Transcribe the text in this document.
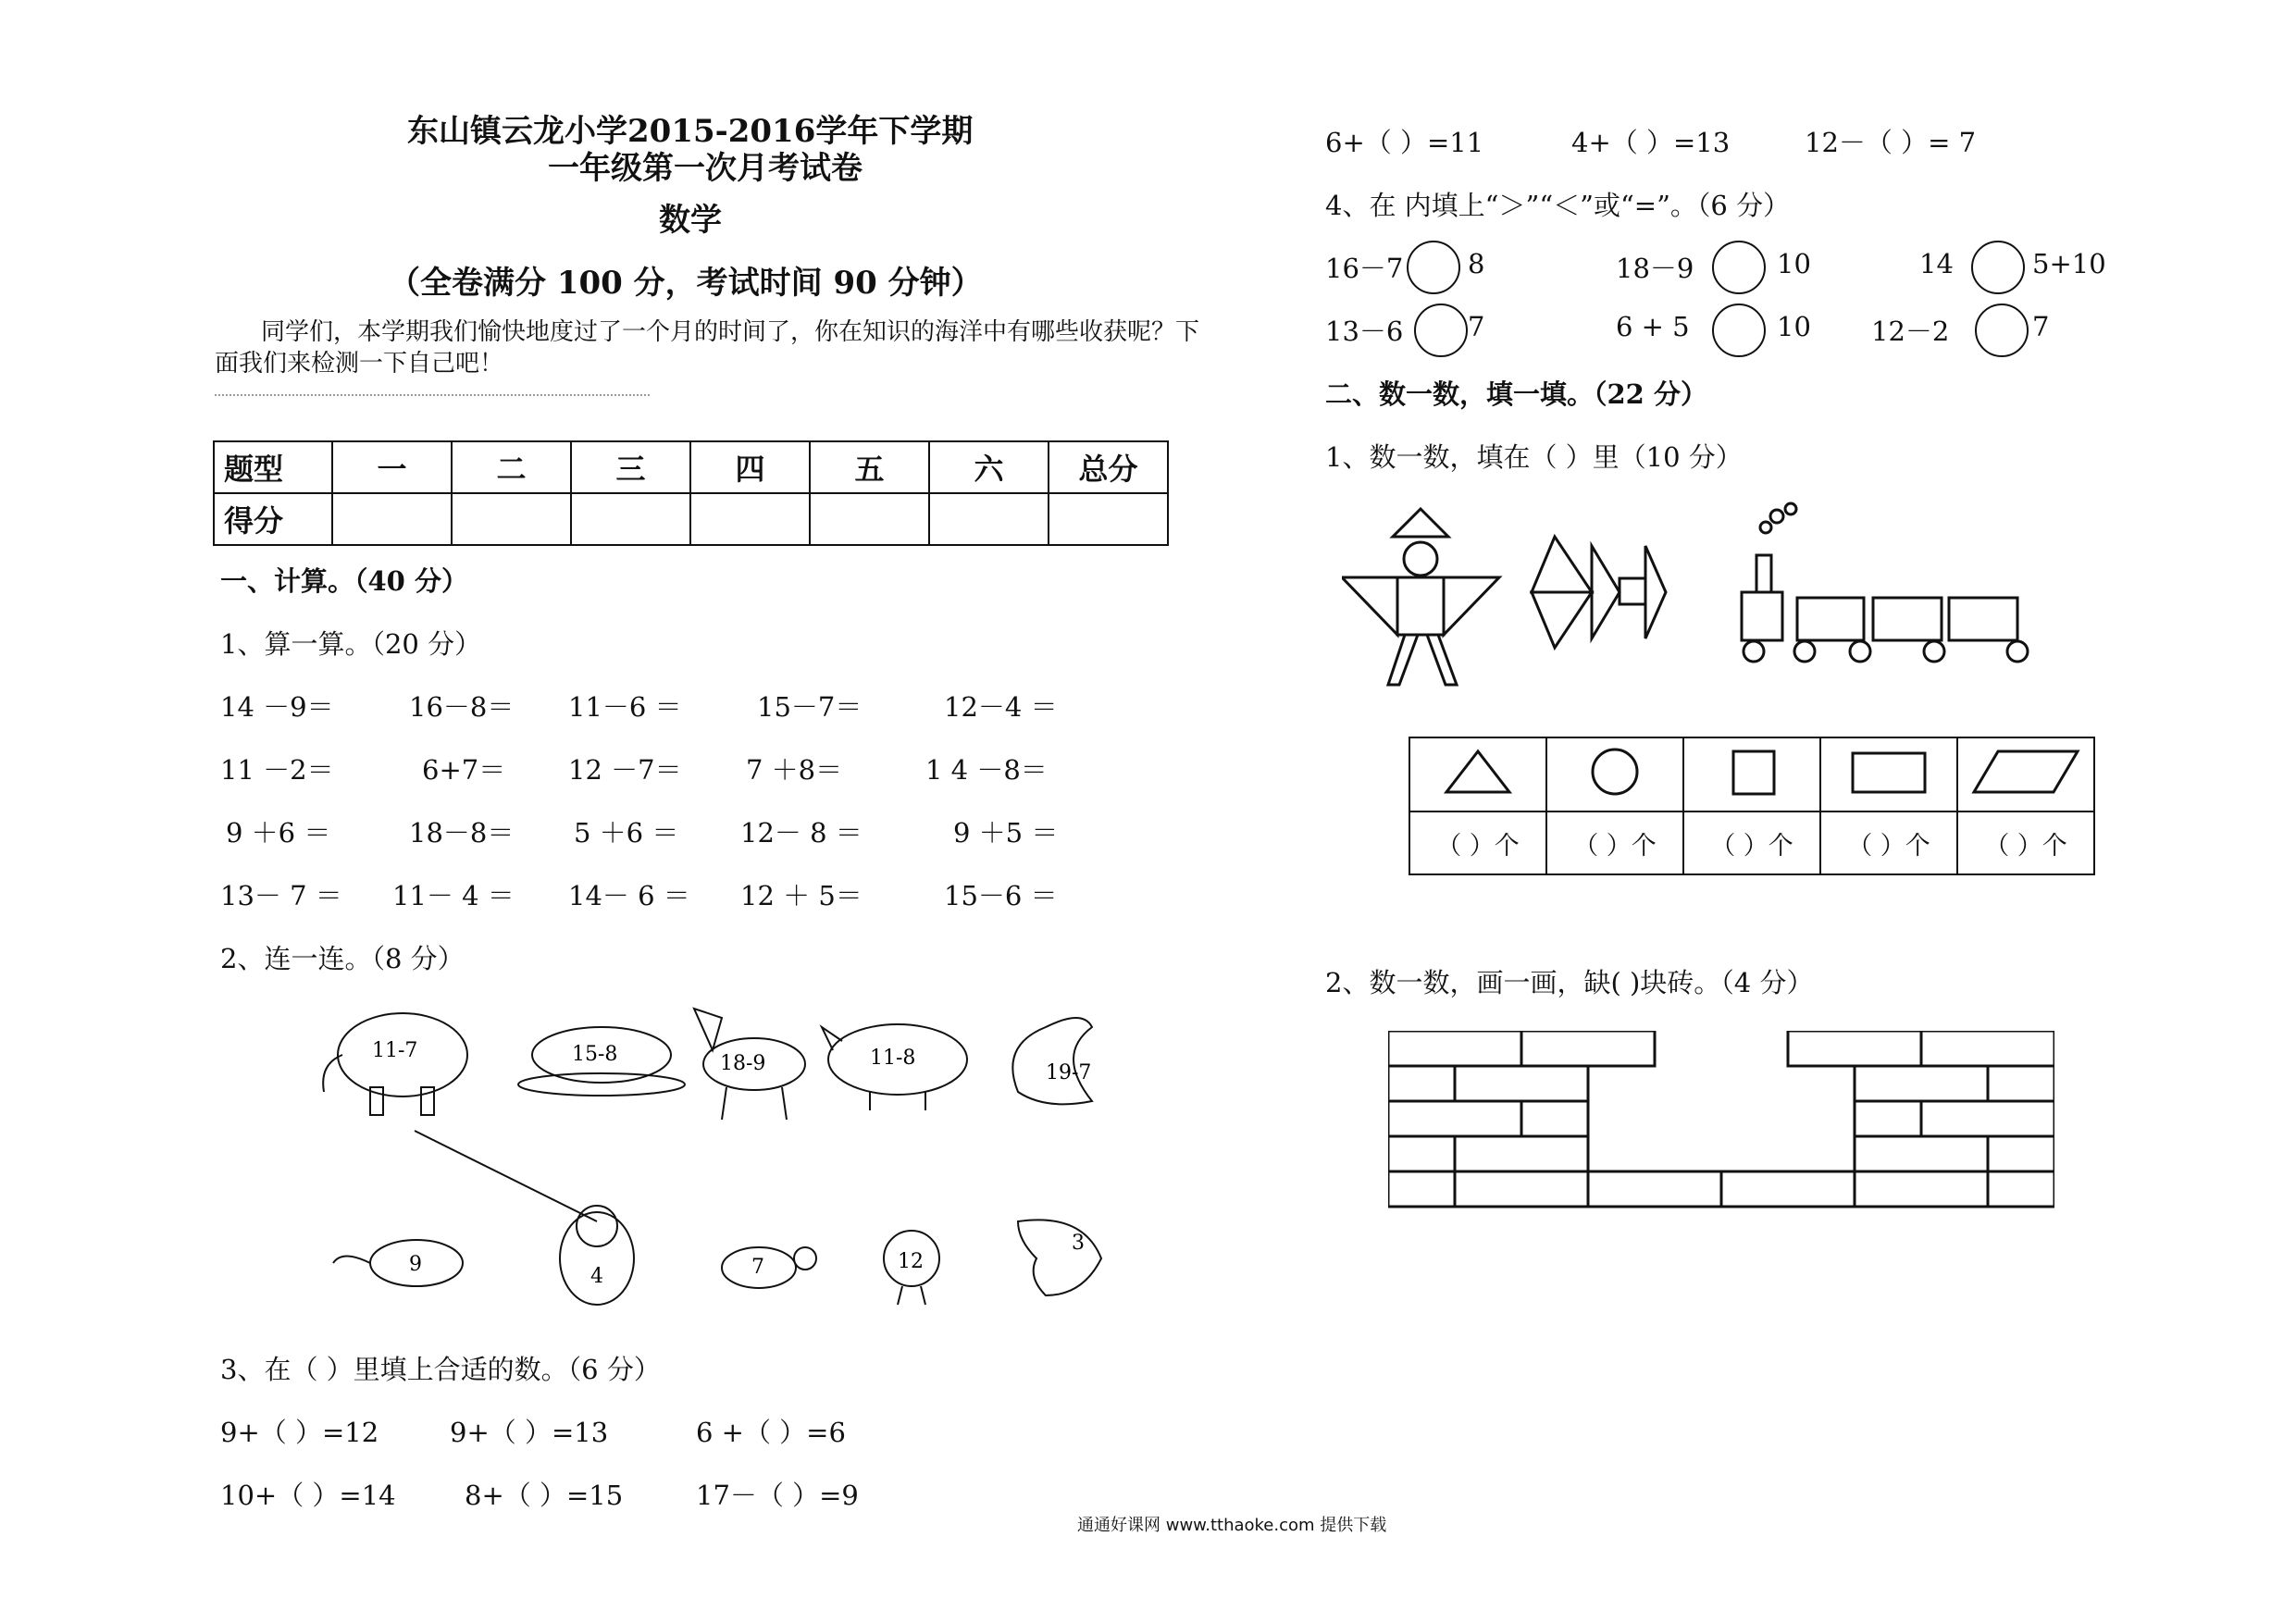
东山镇云龙小学2015-2016学年下学期
一年级第一次月考试卷
数学
（全卷满分 100 分，考试时间 90 分钟）
同学们，本学期我们愉快地度过了一个月的时间了，你在知识的海洋中有哪些收获呢？下
面我们来检测一下自己吧！
题型	一	二	三	四	五	六	总分
得分							
一、计算。（40 分）
1、算一算。（20 分）
14 －9＝	16－8＝ 11－6 ＝	15－7＝	12－4 ＝
11 －2＝	6+7＝ 12 －7＝ 7 ＋8＝	1 4 －8＝
9 ＋6 ＝	18－8＝ 5 ＋6 ＝ 12－ 8 ＝	9 ＋5 ＝
13－ 7 ＝ 11－ 4 ＝ 14－ 6 ＝ 12 ＋ 5＝	15－6 ＝
2、连一连。（8 分）
11-7	15-8	18-9	11-8
19-7
9
4	7	12
3
3、在（ ）里填上合适的数。（6 分）
9+（ ）=12	9+（ ）=13	6 +（ ）=6
10+（ ）=14	8+（ ）=15	17－（ ）=9
6+（ ）=11	4+（ ）=13	12－（ ）= 7
4、在 内填上“＞”“＜”或“=”。（6 分）
16－7 8	18－9	10	14	5+10
13－6 7	6 + 5	10 12－2	7
二、数一数，填一填。（22 分）
1、数一数，填在（ ）里（10 分）

（ ）个	（ ）个	（ ）个	（ ）个	（ ）个
2、数一数，画一画，缺( )块砖。（4 分）
通通好课网 www.tthaoke.com 提供下载
